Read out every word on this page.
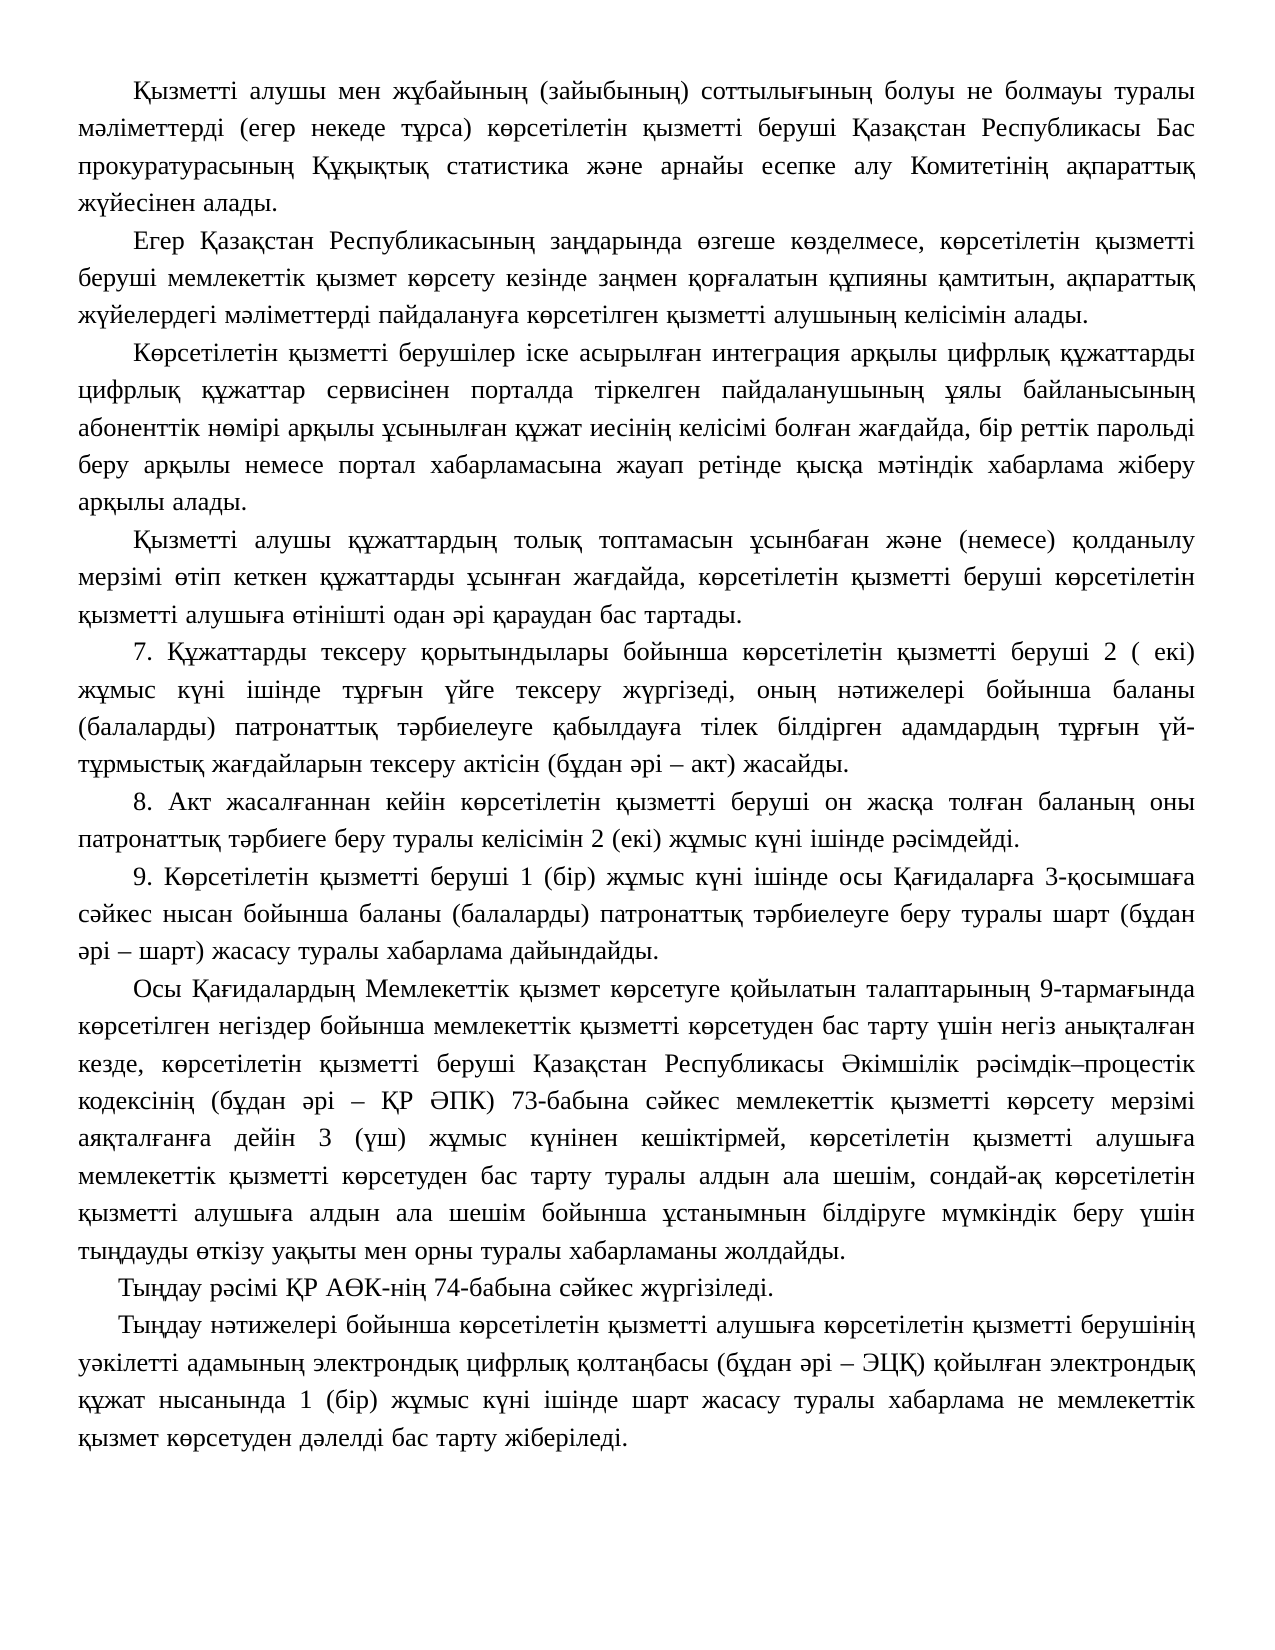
Қызметті алушы мен жұбайының (зайыбының) соттылығының болуы не болмауы туралы мәліметтерді (егер некеде тұрса) көрсетілетін қызметті беруші Қазақстан Республикасы Бас прокуратурасының Құқықтық статистика және арнайы есепке алу Комитетінің ақпараттық жүйесінен алады.

Егер Қазақстан Республикасының заңдарында өзгеше көзделмесе, көрсетілетін қызметті беруші мемлекеттік қызмет көрсету кезінде заңмен қорғалатын құпияны қамтитын, ақпараттық жүйелердегі мәліметтерді пайдалануға көрсетілген қызметті алушының келісімін алады.

Көрсетілетін қызметті берушілер іске асырылған интеграция арқылы цифрлық құжаттарды цифрлық құжаттар сервисінен порталда тіркелген пайдаланушының ұялы байланысының абоненттік нөмірі арқылы ұсынылған құжат иесінің келісімі болған жағдайда, бір реттік парольді беру арқылы немесе портал хабарламасына жауап ретінде қысқа мәтіндік хабарлама жіберу арқылы алады.

Қызметті алушы құжаттардың толық топтамасын ұсынбаған және (немесе) қолданылу мерзімі өтіп кеткен құжаттарды ұсынған жағдайда, көрсетілетін қызметті беруші көрсетілетін қызметті алушыға өтінішті одан әрі қараудан бас тартады.

7. Құжаттарды тексеру қорытындылары бойынша көрсетілетін қызметті беруші 2 ( екі) жұмыс күні ішінде тұрғын үйге тексеру жүргізеді, оның нәтижелері бойынша баланы (балаларды) патронаттық тәрбиелеуге қабылдауға тілек білдірген адамдардың тұрғын үй-тұрмыстық жағдайларын тексеру актісін (бұдан әрі – акт) жасайды.

8. Акт жасалғаннан кейін көрсетілетін қызметті беруші он жасқа толған баланың оны патронаттық тәрбиеге беру туралы келісімін 2 (екі) жұмыс күні ішінде рәсімдейді.

9. Көрсетілетін қызметті беруші 1 (бір) жұмыс күні ішінде осы Қағидаларға 3-қосымшаға сәйкес нысан бойынша баланы (балаларды) патронаттық тәрбиелеуге беру туралы шарт (бұдан әрі – шарт) жасасу туралы хабарлама дайындайды.

Осы Қағидалардың Мемлекеттік қызмет көрсетуге қойылатын талаптарының 9-тармағында көрсетілген негіздер бойынша мемлекеттік қызметті көрсетуден бас тарту үшін негіз анықталған кезде, көрсетілетін қызметті беруші Қазақстан Республикасы Әкімшілік рәсімдік–процестік кодексінің (бұдан әрі – ҚР ӘПК) 73-бабына сәйкес мемлекеттік қызметті көрсету мерзімі аяқталғанға дейін 3 (үш) жұмыс күнінен кешіктірмей, көрсетілетін қызметті алушыға мемлекеттік қызметті көрсетуден бас тарту туралы алдын ала шешім, сондай-ақ көрсетілетін қызметті алушыға алдын ала шешім бойынша ұстанымнын білдіруге мүмкіндік беру үшін тыңдауды өткізу уақыты мен орны туралы хабарламаны жолдайды.

Тыңдау рәсімі ҚР АӨК-нің 74-бабына сәйкес жүргізіледі.

Тыңдау нәтижелері бойынша көрсетілетін қызметті алушыға көрсетілетін қызметті берушінің уәкілетті адамының электрондық цифрлық қолтаңбасы (бұдан әрі – ЭЦҚ) қойылған электрондық құжат нысанында 1 (бір) жұмыс күні ішінде шарт жасасу туралы хабарлама не мемлекеттік қызмет көрсетуден дәлелді бас тарту жіберіледі.
